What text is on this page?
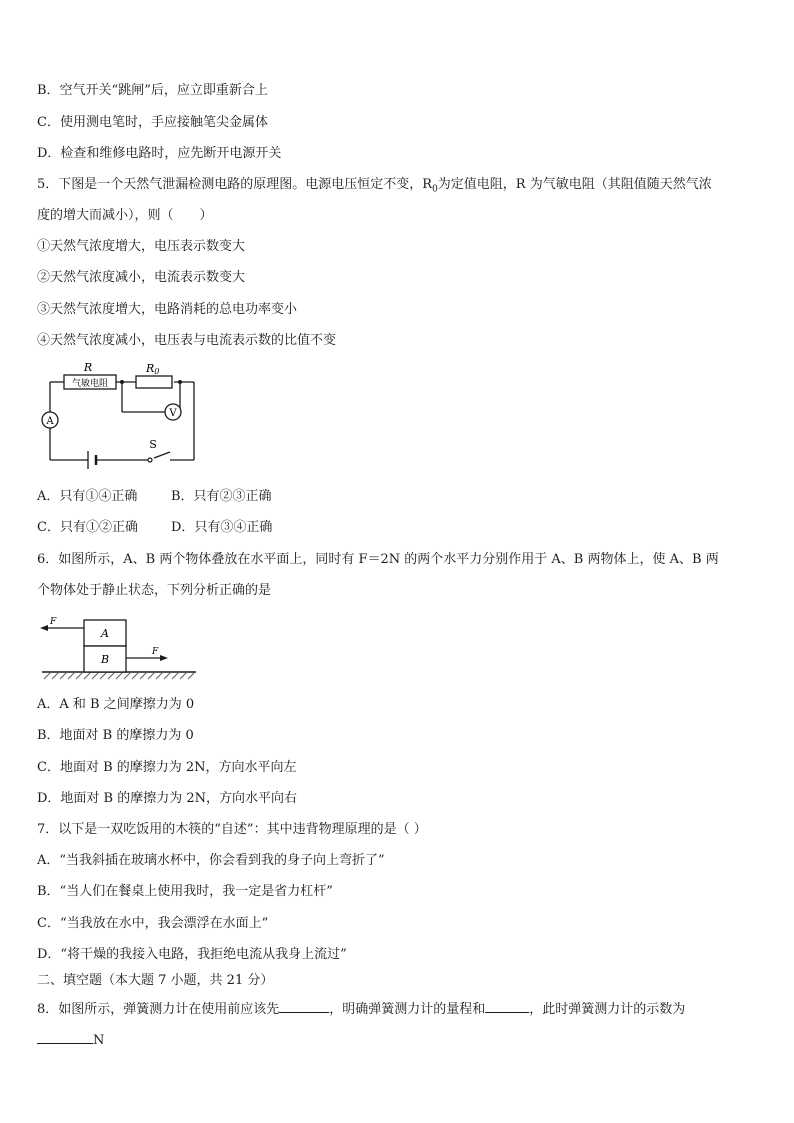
B．空气开关“跳闸”后，应立即重新合上
C．使用测电笔时，手应接触笔尖金属体
D．检查和维修电路时，应先断开电源开关
5．下图是一个天然气泄漏检测电路的原理图。电源电压恒定不变，$R_0$为定值电阻，R 为气敏电阻（其阻值随天然气浓
度的增大而减小），则（　　）
①天然气浓度增大，电压表示数变大
②天然气浓度减小，电流表示数变大
③天然气浓度增大，电路消耗的总电功率变小
④天然气浓度减小，电压表与电流表示数的比值不变
气敏电阻
R	R0
V
A
S
A．只有①④正确	B．只有②③正确
C．只有①②正确	D．只有③④正确
6．如图所示，A、B 两个物体叠放在水平面上，同时有 F＝2N 的两个水平力分别作用于 A、B 两物体上，使 A、B 两
个物体处于静止状态，下列分析正确的是
A
B
F
F
A．A 和 B 之间摩擦力为 0
B．地面对 B 的摩擦力为 0
C．地面对 B 的摩擦力为 2N，方向水平向左
D．地面对 B 的摩擦力为 2N，方向水平向右
7．以下是一双吃饭用的木筷的“自述”：其中违背物理原理的是（ ）
A．“当我斜插在玻璃水杯中，你会看到我的身子向上弯折了”
B．“当人们在餐桌上使用我时，我一定是省力杠杆”
C．“当我放在水中，我会漂浮在水面上”
D．“将干燥的我接入电路，我拒绝电流从我身上流过”
二、填空题（本大题 7 小题，共 21 分）
8．如图所示，弹簧测力计在使用前应该先	，明确弹簧测力计的量程和	，此时弹簧测力计的示数为
N
